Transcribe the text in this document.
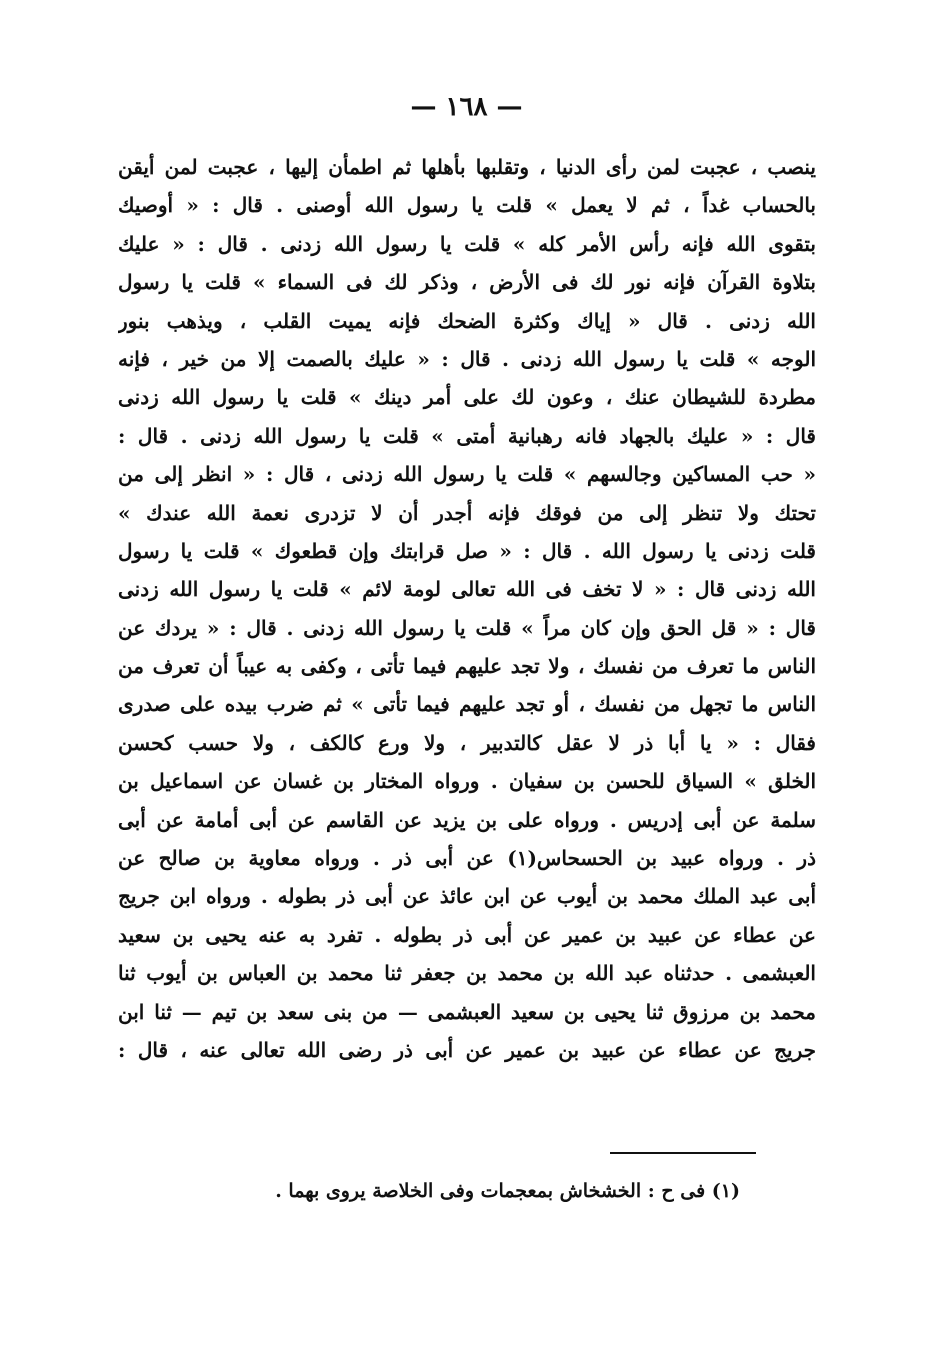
— ١٦٨ —
ينصب ، عجبت لمن رأى الدنيا ، وتقلبها بأهلها ثم اطمأن إليها ، عجبت لمن أيقن
بالحساب غداً ، ثم لا يعمل » قلت يا رسول الله أوصنى . قال : « أوصيك
بتقوى الله فإنه رأس الأمر كله » قلت يا رسول الله زدنى . قال : « عليك
بتلاوة القرآن فإنه نور لك فى الأرض ، وذكر لك فى السماء » قلت يا رسول
الله زدنى . قال « إياك وكثرة الضحك فإنه يميت القلب ، ويذهب بنور
الوجه » قلت يا رسول الله زدنى . قال : « عليك بالصمت إلا من خير ، فإنه
مطردة للشيطان عنك ، وعون لك على أمر دينك » قلت يا رسول الله زدنى
قال : « عليك بالجهاد فانه رهبانية أمتى » قلت يا رسول الله زدنى . قال :
« حب المساكين وجالسهم » قلت يا رسول الله زدنى ، قال : « انظر إلى من
تحتك ولا تنظر إلى من فوقك فإنه أجدر أن لا تزدرى نعمة الله عندك »
قلت زدنى يا رسول الله . قال : « صل قرابتك وإن قطعوك » قلت يا رسول
الله زدنى قال : « لا تخف فى الله تعالى لومة لائم » قلت يا رسول الله زدنى
قال : « قل الحق وإن كان مراً » قلت يا رسول الله زدنى . قال : « يردك عن
الناس ما تعرف من نفسك ، ولا تجد عليهم فيما تأتى ، وكفى به عيباً أن تعرف من
الناس ما تجهل من نفسك ، أو تجد عليهم فيما تأتى » ثم ضرب بيده على صدرى
فقال : « يا أبا ذر لا عقل كالتدبير ، ولا ورع كالكف ، ولا حسب كحسن
الخلق » السياق للحسن بن سفيان . ورواه المختار بن غسان عن اسماعيل بن
سلمة عن أبى إدريس . ورواه على بن يزيد عن القاسم عن أبى أمامة عن أبى
ذر . ورواه عبيد بن الحسحاس(١) عن أبى ذر . ورواه معاوية بن صالح عن
أبى عبد الملك محمد بن أيوب عن ابن عائذ عن أبى ذر بطوله . ورواه ابن جريج
عن عطاء عن عبيد بن عمير عن أبى ذر بطوله . تفرد به عنه يحيى بن سعيد
العبشمى . حدثناه عبد الله بن محمد بن جعفر ثنا محمد بن العباس بن أيوب ثنا
محمد بن مرزوق ثنا يحيى بن سعيد العبشمى — من بنى سعد بن تيم — ثنا ابن
جريج عن عطاء عن عبيد بن عمير عن أبى ذر رضى الله تعالى عنه ، قال :
(١) فى ح : الخشخاش بمعجمات وفى الخلاصة يروى بهما .
